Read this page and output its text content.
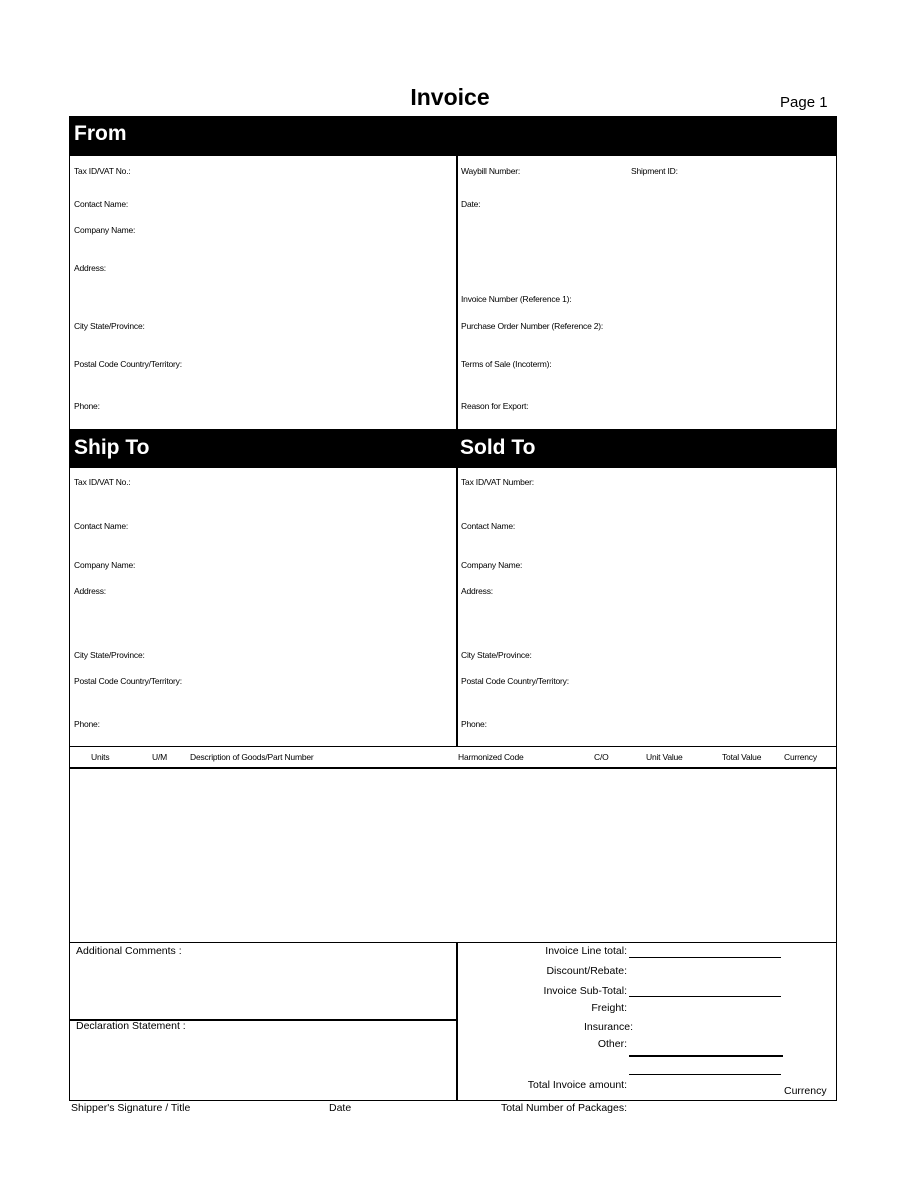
Invoice	Page 1
From
Tax ID/VAT No.:
Contact Name:
Company Name:
Address:
City State/Province:
Postal Code Country/Territory:
Phone:
Waybill Number:	Shipment ID:
Date:
Invoice Number (Reference 1):
Purchase Order Number (Reference 2):
Terms of Sale (Incoterm):
Reason for Export:
Ship To	Sold To
Tax ID/VAT No.:
Contact Name:
Company Name:
Address:
City State/Province:
Postal Code Country/Territory:
Phone:
Tax ID/VAT Number:
Contact Name:
Company Name:
Address:
City State/Province:
Postal Code Country/Territory:
Phone:
Units	U/M	Description of Goods/Part Number	Harmonized Code	C/O	Unit Value	Total Value	Currency
Additional Comments :
Declaration Statement :
Invoice Line total:
Discount/Rebate:
Invoice Sub-Total:
Freight:
Insurance:
Other:
Total Invoice amount:	Currency
Shipper's Signature / Title	Date	Total Number of Packages:
